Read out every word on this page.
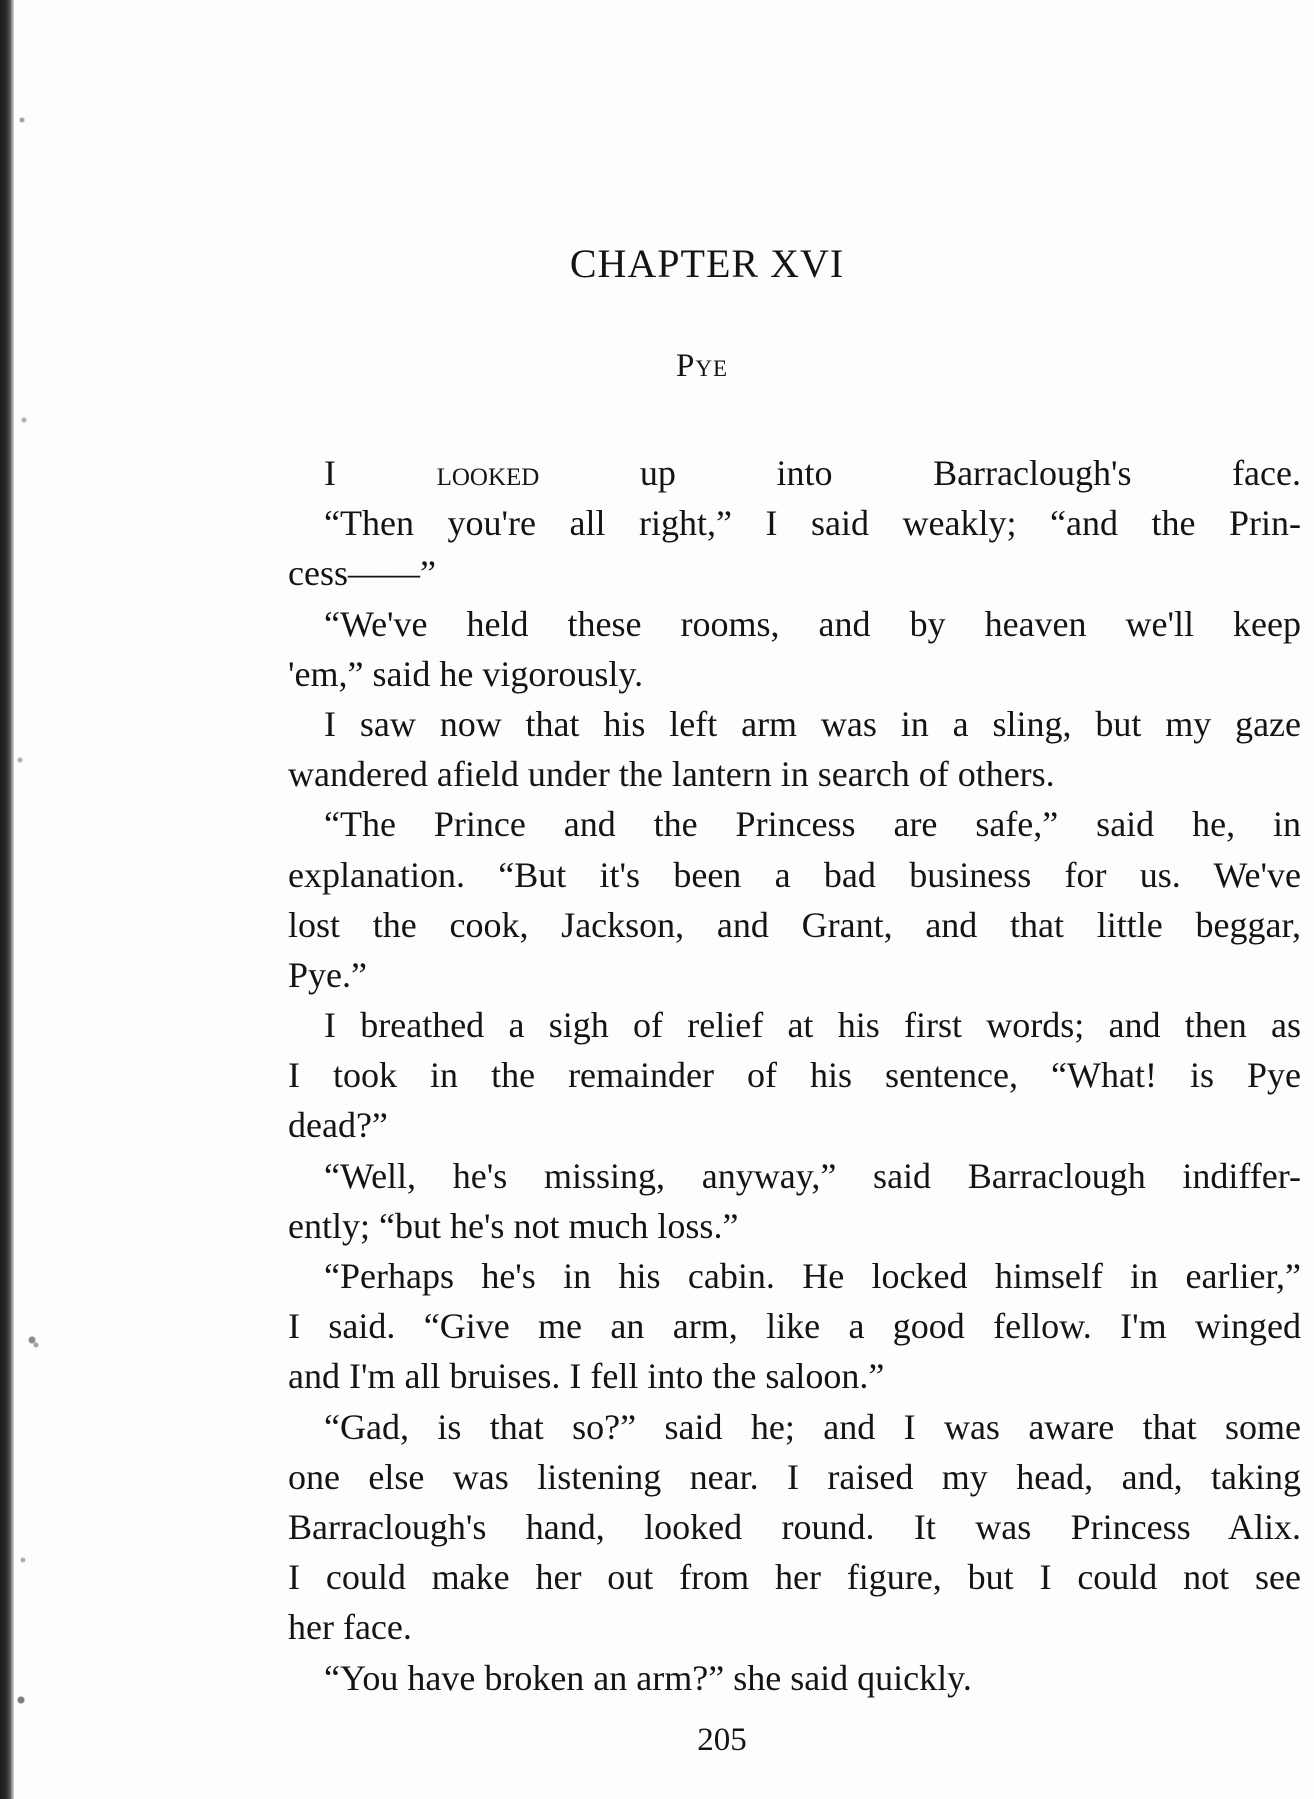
CHAPTER XVI
Pye
I looked up into Barraclough's face.
“Then you're all right,” I said weakly; “and the Prin-
cess——”
“We've held these rooms, and by heaven we'll keep
'em,” said he vigorously.
I saw now that his left arm was in a sling, but my gaze
wandered afield under the lantern in search of others.
“The Prince and the Princess are safe,” said he, in
explanation. “But it's been a bad business for us. We've
lost the cook, Jackson, and Grant, and that little beggar,
Pye.”
I breathed a sigh of relief at his first words; and then as
I took in the remainder of his sentence, “What! is Pye
dead?”
“Well, he's missing, anyway,” said Barraclough indiffer-
ently; “but he's not much loss.”
“Perhaps he's in his cabin. He locked himself in earlier,”
I said. “Give me an arm, like a good fellow. I'm winged
and I'm all bruises. I fell into the saloon.”
“Gad, is that so?” said he; and I was aware that some
one else was listening near. I raised my head, and, taking
Barraclough's hand, looked round. It was Princess Alix.
I could make her out from her figure, but I could not see
her face.
“You have broken an arm?” she said quickly.
205
